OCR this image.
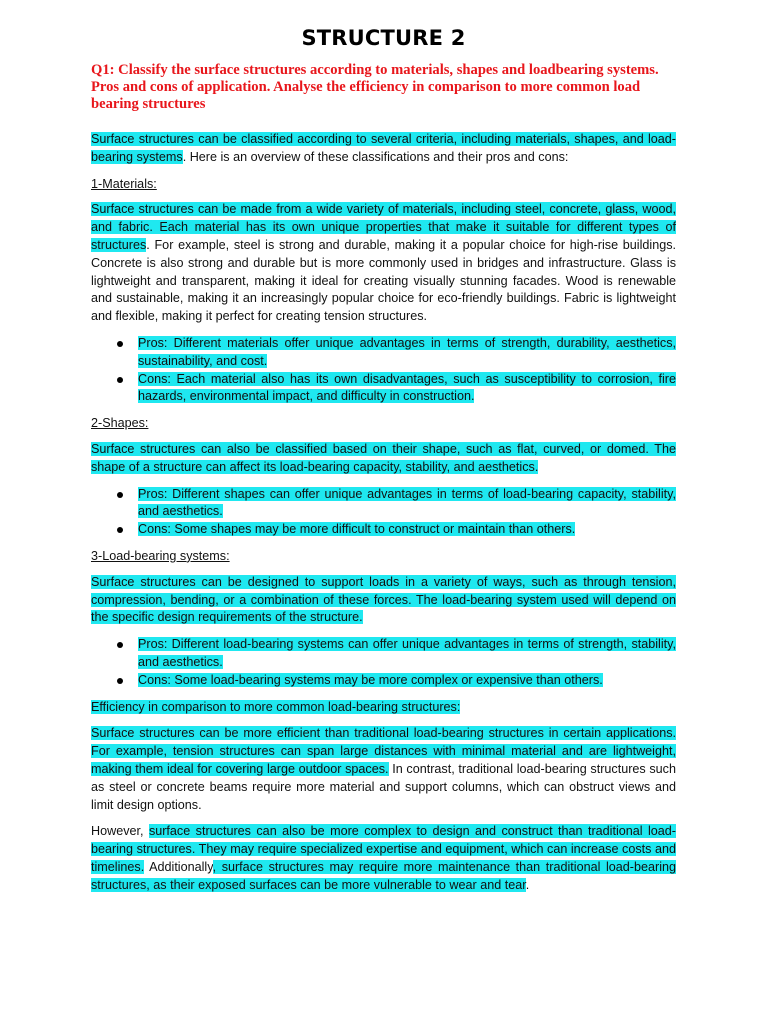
STRUCTURE 2

Q1: Classify the surface structures according to materials, shapes and loadbearing systems. Pros and cons of application. Analyse the efficiency in comparison to more common load bearing structures

Surface structures can be classified according to several criteria, including materials, shapes, and load-bearing systems. Here is an overview of these classifications and their pros and cons:

1-Materials:

Surface structures can be made from a wide variety of materials, including steel, concrete, glass, wood, and fabric. Each material has its own unique properties that make it suitable for different types of structures. For example, steel is strong and durable, making it a popular choice for high-rise buildings. Concrete is also strong and durable but is more commonly used in bridges and infrastructure. Glass is lightweight and transparent, making it ideal for creating visually stunning facades. Wood is renewable and sustainable, making it an increasingly popular choice for eco-friendly buildings. Fabric is lightweight and flexible, making it perfect for creating tension structures.

Pros: Different materials offer unique advantages in terms of strength, durability, aesthetics, sustainability, and cost.
Cons: Each material also has its own disadvantages, such as susceptibility to corrosion, fire hazards, environmental impact, and difficulty in construction.

2-Shapes:

Surface structures can also be classified based on their shape, such as flat, curved, or domed. The shape of a structure can affect its load-bearing capacity, stability, and aesthetics.

Pros: Different shapes can offer unique advantages in terms of load-bearing capacity, stability, and aesthetics.
Cons: Some shapes may be more difficult to construct or maintain than others.

3-Load-bearing systems:

Surface structures can be designed to support loads in a variety of ways, such as through tension, compression, bending, or a combination of these forces. The load-bearing system used will depend on the specific design requirements of the structure.

Pros: Different load-bearing systems can offer unique advantages in terms of strength, stability, and aesthetics.
Cons: Some load-bearing systems may be more complex or expensive than others.

Efficiency in comparison to more common load-bearing structures:

Surface structures can be more efficient than traditional load-bearing structures in certain applications. For example, tension structures can span large distances with minimal material and are lightweight, making them ideal for covering large outdoor spaces. In contrast, traditional load-bearing structures such as steel or concrete beams require more material and support columns, which can obstruct views and limit design options.

However, surface structures can also be more complex to design and construct than traditional load-bearing structures. They may require specialized expertise and equipment, which can increase costs and timelines. Additionally, surface structures may require more maintenance than traditional load-bearing structures, as their exposed surfaces can be more vulnerable to wear and tear.
